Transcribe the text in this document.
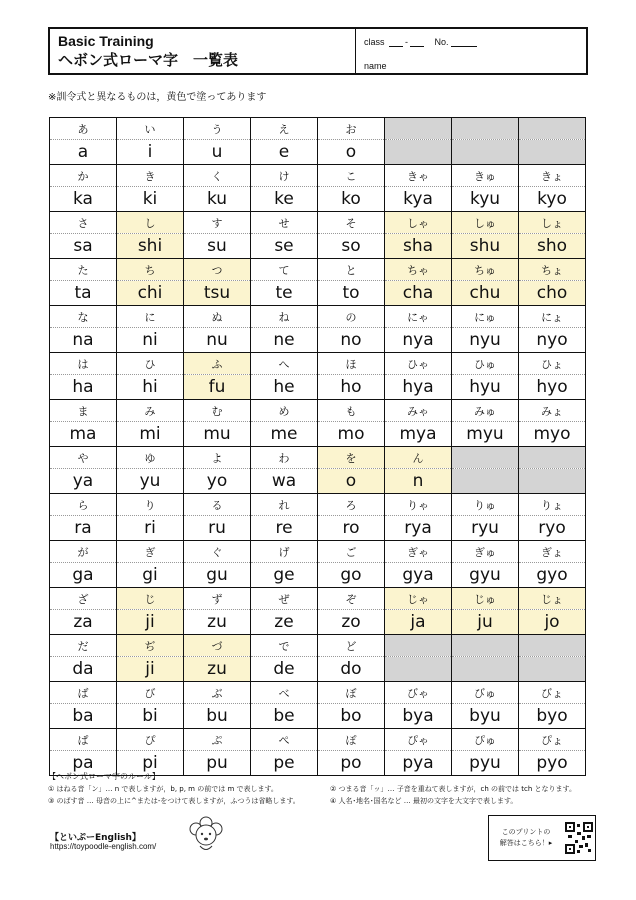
Basic Training
ヘボン式ローマ字　一覧表
class -	No.
name
※訓令式と異なるものは，黄色で塗ってあります
あ	い	う	え	お			
a	i	u	e	o			
か	き	く	け	こ	きゃ	きゅ	きょ
ka	ki	ku	ke	ko	kya	kyu	kyo
さ	し	す	せ	そ	しゃ	しゅ	しょ
sa	shi	su	se	so	sha	shu	sho
た	ち	つ	て	と	ちゃ	ちゅ	ちょ
ta	chi	tsu	te	to	cha	chu	cho
な	に	ぬ	ね	の	にゃ	にゅ	にょ
na	ni	nu	ne	no	nya	nyu	nyo
は	ひ	ふ	へ	ほ	ひゃ	ひゅ	ひょ
ha	hi	fu	he	ho	hya	hyu	hyo
ま	み	む	め	も	みゃ	みゅ	みょ
ma	mi	mu	me	mo	mya	myu	myo
や	ゆ	よ	わ	を	ん		
ya	yu	yo	wa	o	n		
ら	り	る	れ	ろ	りゃ	りゅ	りょ
ra	ri	ru	re	ro	rya	ryu	ryo
が	ぎ	ぐ	げ	ご	ぎゃ	ぎゅ	ぎょ
ga	gi	gu	ge	go	gya	gyu	gyo
ざ	じ	ず	ぜ	ぞ	じゃ	じゅ	じょ
za	ji	zu	ze	zo	ja	ju	jo
だ	ぢ	づ	で	ど			
da	ji	zu	de	do			
ば	び	ぶ	べ	ぼ	びゃ	びゅ	びょ
ba	bi	bu	be	bo	bya	byu	byo
ぱ	ぴ	ぷ	ぺ	ぽ	ぴゃ	ぴゅ	ぴょ
pa	pi	pu	pe	po	pya	pyu	pyo
【ヘボン式ローマ字のルール】
① はねる音「ン」… n で表しますが，b, p, m の前では m で表します。	② つまる音「ッ」… 子音を重ねて表しますが，ch の前では tch となります。
③ のばす音 … 母音の上に^または-をつけて表しますが，ふつうは省略します。	④ 人名･地名･国名など … 最初の文字を大文字で表します。
【といぷーEnglish】
https://toypoodle-english.com/
このプリントの
解答はこちら！▸
